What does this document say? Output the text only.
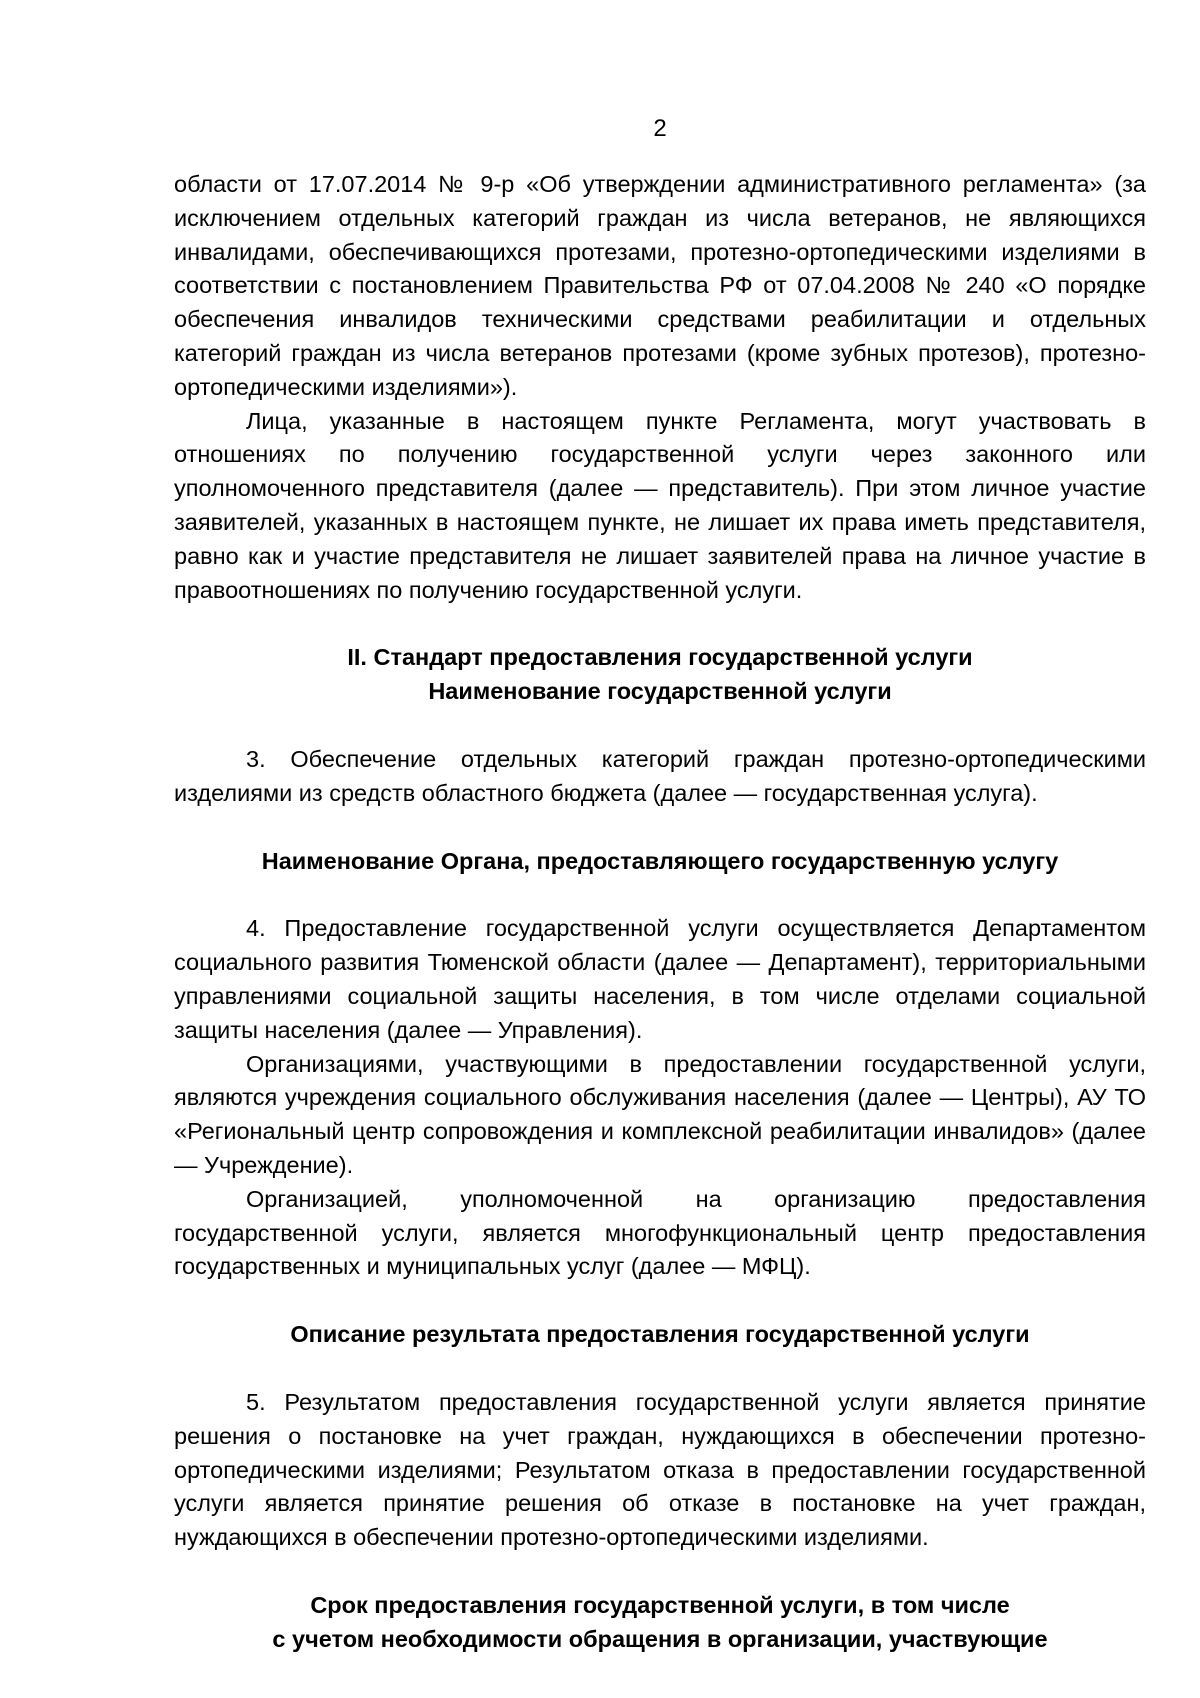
2

области от 17.07.2014 № 9-р «Об утверждении административного регламента» (за исключением отдельных категорий граждан из числа ветеранов, не являющихся инвалидами, обеспечивающихся протезами, протезно-ортопедическими изделиями в соответствии с постановлением Правительства РФ от 07.04.2008 № 240 «О порядке обеспечения инвалидов техническими средствами реабилитации и отдельных категорий граждан из числа ветеранов протезами (кроме зубных протезов), протезно-ортопедическими изделиями»).

Лица, указанные в настоящем пункте Регламента, могут участвовать в отношениях по получению государственной услуги через законного или уполномоченного представителя (далее — представитель). При этом личное участие заявителей, указанных в настоящем пункте, не лишает их права иметь представителя, равно как и участие представителя не лишает заявителей права на личное участие в правоотношениях по получению государственной услуги.

II. Стандарт предоставления государственной услуги
Наименование государственной услуги

3. Обеспечение отдельных категорий граждан протезно-ортопедическими изделиями из средств областного бюджета (далее — государственная услуга).

Наименование Органа, предоставляющего государственную услугу

4. Предоставление государственной услуги осуществляется Департаментом социального развития Тюменской области (далее — Департамент), территориальными управлениями социальной защиты населения, в том числе отделами социальной защиты населения (далее — Управления).

Организациями, участвующими в предоставлении государственной услуги, являются учреждения социального обслуживания населения (далее — Центры), АУ ТО «Региональный центр сопровождения и комплексной реабилитации инвалидов» (далее — Учреждение).

Организацией, уполномоченной на организацию предоставления государственной услуги, является многофункциональный центр предоставления государственных и муниципальных услуг (далее — МФЦ).

Описание результата предоставления государственной услуги

5. Результатом предоставления государственной услуги является принятие решения о постановке на учет граждан, нуждающихся в обеспечении протезно-ортопедическими изделиями; Результатом отказа в предоставлении государственной услуги является принятие решения об отказе в постановке на учет граждан, нуждающихся в обеспечении протезно-ортопедическими изделиями.

Срок предоставления государственной услуги, в том числе
с учетом необходимости обращения в организации, участвующие
